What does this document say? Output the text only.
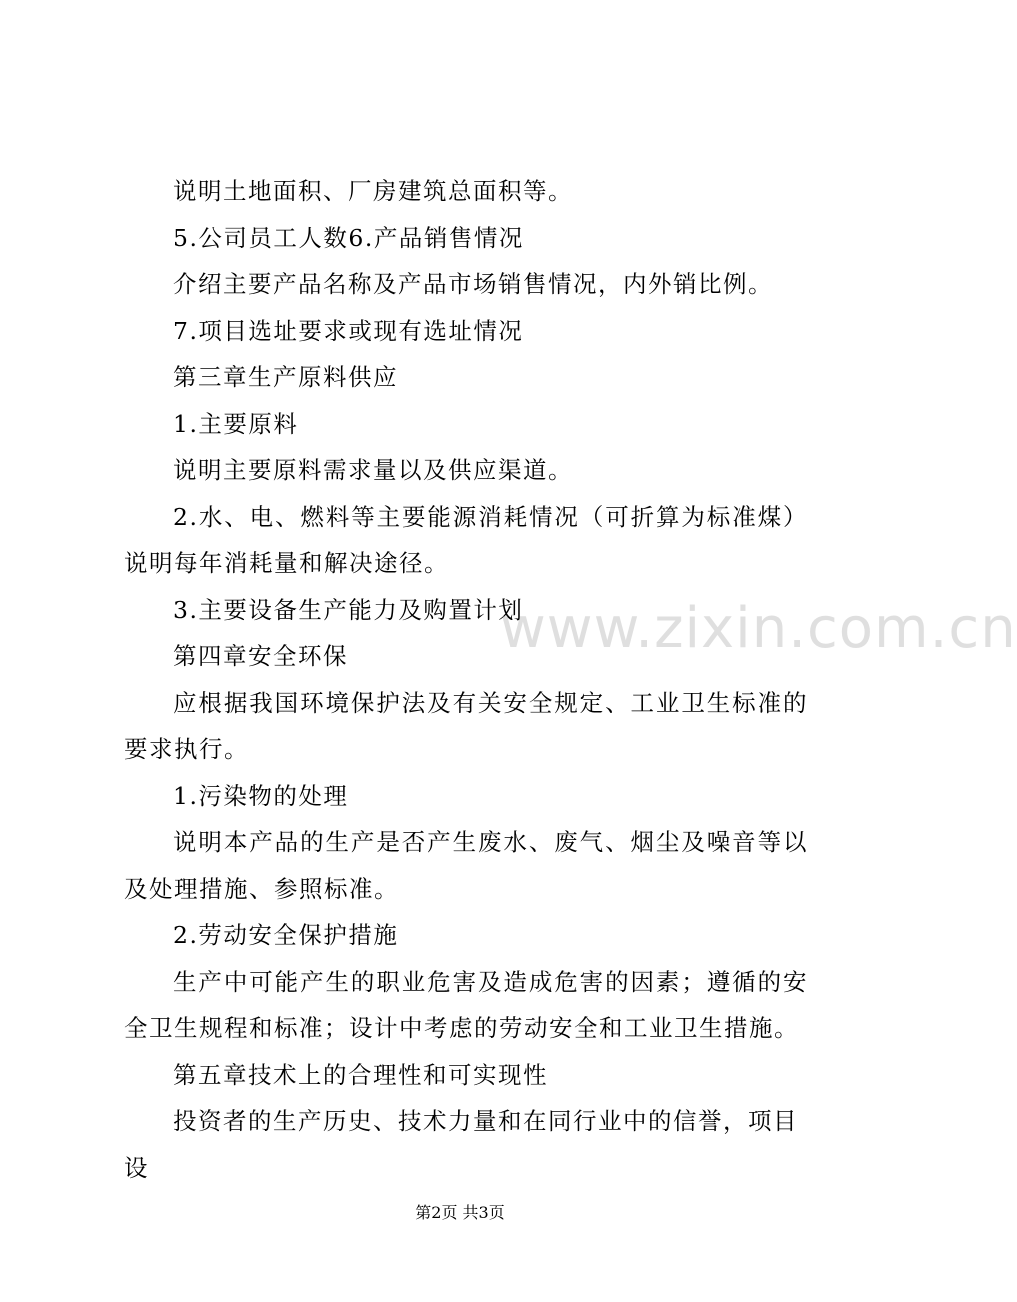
说明土地面积、厂房建筑总面积等。

5.公司员工人数6.产品销售情况

介绍主要产品名称及产品市场销售情况，内外销比例。

7.项目选址要求或现有选址情况

第三章生产原料供应

1.主要原料

说明主要原料需求量以及供应渠道。

2.水、电、燃料等主要能源消耗情况（可折算为标准煤）说明每年消耗量和解决途径。

3.主要设备生产能力及购置计划

第四章安全环保

应根据我国环境保护法及有关安全规定、工业卫生标准的要求执行。

1.污染物的处理

说明本产品的生产是否产生废水、废气、烟尘及噪音等以及处理措施、参照标准。

2.劳动安全保护措施

生产中可能产生的职业危害及造成危害的因素；遵循的安全卫生规程和标准；设计中考虑的劳动安全和工业卫生措施。

第五章技术上的合理性和可实现性

投资者的生产历史、技术力量和在同行业中的信誉，项目设

www.zixin.com.cn
第2页 共3页
